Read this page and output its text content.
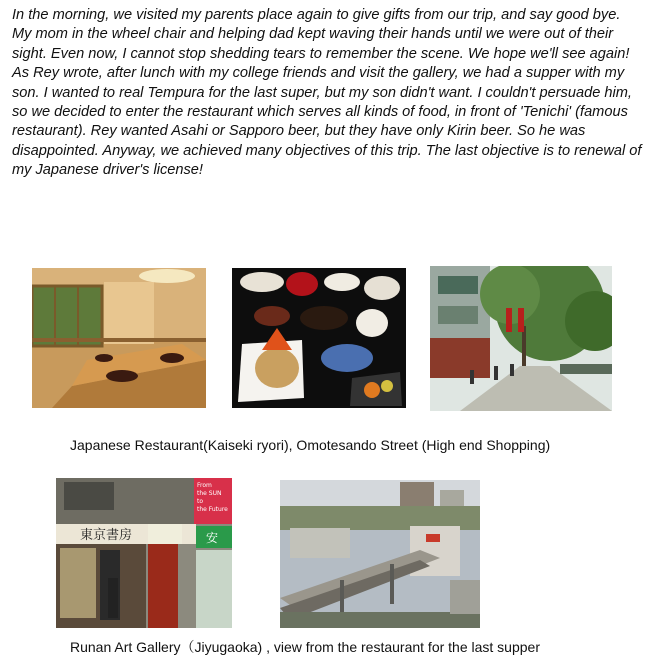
In the morning, we visited my parents place again to give gifts from our trip, and say good bye. My mom in the wheel chair and helping dad kept waving their hands until we were out of their sight. Even now, I cannot stop shedding tears to remember the scene. We hope we'll see again! As Rey wrote, after lunch with my college friends and visit the gallery, we had a supper with my son. I wanted to real Tempura for the last super, but my son didn't want. I couldn't persuade him, so we decided to enter the restaurant which serves all kinds of food, in front of 'Tenichi' (famous restaurant). Rey wanted Asahi or Sapporo beer, but they have only Kirin beer. So he was disappointed. Anyway, we achieved many objectives of this trip. The last objective is to renewal of my Japanese driver's license!

Japanese Restaurant(Kaiseki ryori), Omotesando Street (High end Shopping)

東京書房
From
the SUN
to
the Future
安

Runan Art Gallery（Jiyugaoka) , view from the restaurant for the last supper
